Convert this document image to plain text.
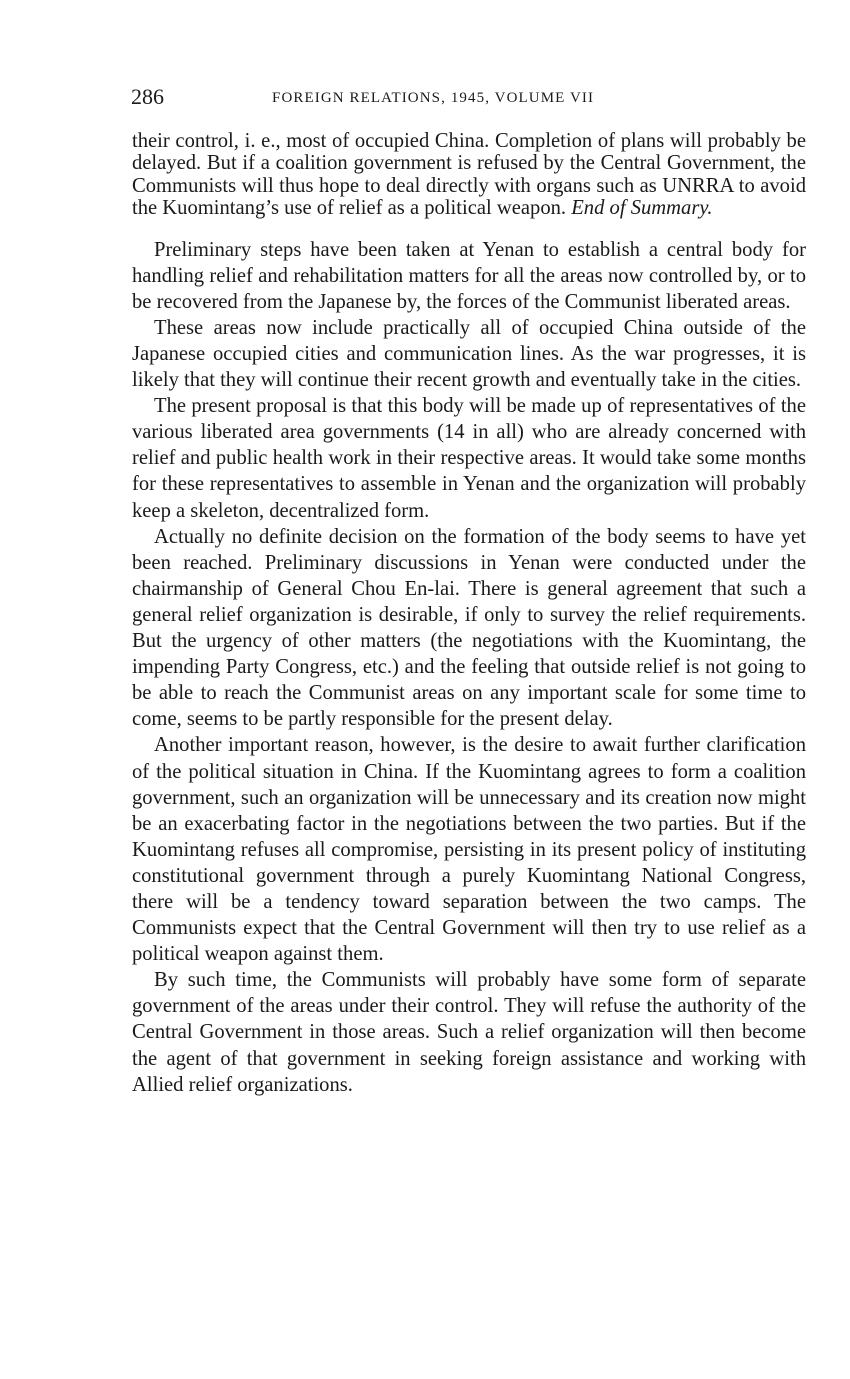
286	FOREIGN RELATIONS, 1945, VOLUME VII

their control, i. e., most of occupied China. Completion of plans will probably be delayed. But if a coalition government is refused by the Central Government, the Communists will thus hope to deal directly with organs such as UNRRA to avoid the Kuomintang’s use of relief as a political weapon. End of Summary.

Preliminary steps have been taken at Yenan to establish a central body for handling relief and rehabilitation matters for all the areas now controlled by, or to be recovered from the Japanese by, the forces of the Communist liberated areas.

These areas now include practically all of occupied China outside of the Japanese occupied cities and communication lines. As the war progresses, it is likely that they will continue their recent growth and eventually take in the cities.

The present proposal is that this body will be made up of representatives of the various liberated area governments (14 in all) who are already concerned with relief and public health work in their respective areas. It would take some months for these representatives to assemble in Yenan and the organization will probably keep a skeleton, decentralized form.

Actually no definite decision on the formation of the body seems to have yet been reached. Preliminary discussions in Yenan were conducted under the chairmanship of General Chou En-lai. There is general agreement that such a general relief organization is desirable, if only to survey the relief requirements. But the urgency of other matters (the negotiations with the Kuomintang, the impending Party Congress, etc.) and the feeling that outside relief is not going to be able to reach the Communist areas on any important scale for some time to come, seems to be partly responsible for the present delay.

Another important reason, however, is the desire to await further clarification of the political situation in China. If the Kuomintang agrees to form a coalition government, such an organization will be unnecessary and its creation now might be an exacerbating factor in the negotiations between the two parties. But if the Kuomintang refuses all compromise, persisting in its present policy of instituting constitutional government through a purely Kuomintang National Congress, there will be a tendency toward separation between the two camps. The Communists expect that the Central Government will then try to use relief as a political weapon against them.

By such time, the Communists will probably have some form of separate government of the areas under their control. They will refuse the authority of the Central Government in those areas. Such a relief organization will then become the agent of that government in seeking foreign assistance and working with Allied relief organizations.
